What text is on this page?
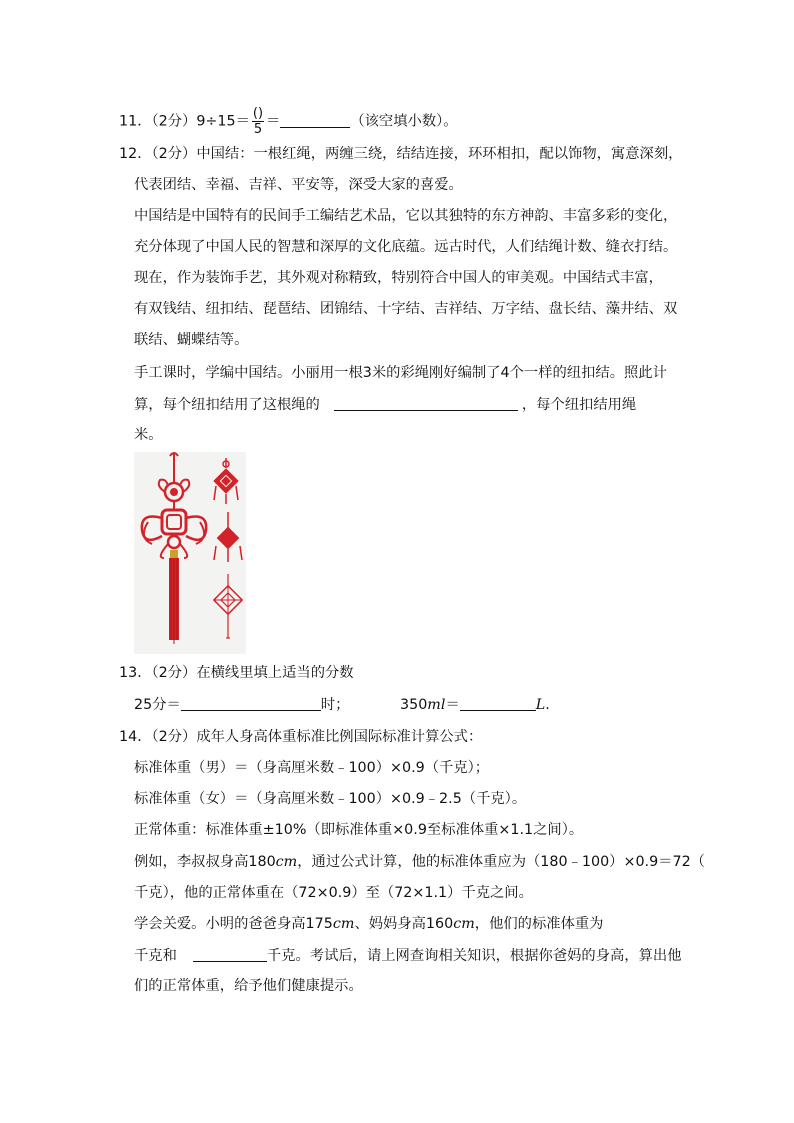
11．（2分）$9\div 15= \frac{()}{5}$ ＝	（该空填小数）。
12．（2分）中国结：一根红绳，两缠三绕，结结连接，环环相扣，配以饰物，寓意深刻，
代表团结、幸福、吉祥、平安等，深受大家的喜爱。
中国结是中国特有的民间手工编结艺术品，它以其独特的东方神韵、丰富多彩的变化，
充分体现了中国人民的智慧和深厚的文化底蕴。远古时代，人们结绳计数、缝衣打结。
现在，作为装饰手艺，其外观对称精致，特别符合中国人的审美观。中国结式丰富，
有双钱结、纽扣结、琵琶结、团锦结、十字结、吉祥结、万字结、盘长结、藻井结、双
联结、蝴蝶结等。
手工课时，学编中国结。小丽用一根3米的彩绳刚好编制了4个一样的纽扣结。照此计
算，每个纽扣结用了这根绳的	，每个纽扣结用绳
米。
13．（2分）在横线里填上适当的分数
25分＝	时；	350ml＝	L.
14．（2分）成年人身高体重标准比例国际标准计算公式：
标准体重（男）＝（身高厘米数﹣100）×0.9（千克）；
标准体重（女）＝（身高厘米数﹣100）×0.9﹣2.5（千克）。
正常体重：标准体重±10%（即标准体重×0.9至标准体重×1.1之间）。
例如，李叔叔身高180cm，通过公式计算，他的标准体重应为（180﹣100）×0.9＝72（
千克），他的正常体重在（72×0.9）至（72×1.1）千克之间。
学会关爱。小明的爸爸身高175cm、妈妈身高160cm，他们的标准体重为
千克和	千克。考试后，请上网查询相关知识，根据你爸妈的身高，算出他
们的正常体重，给予他们健康提示。
